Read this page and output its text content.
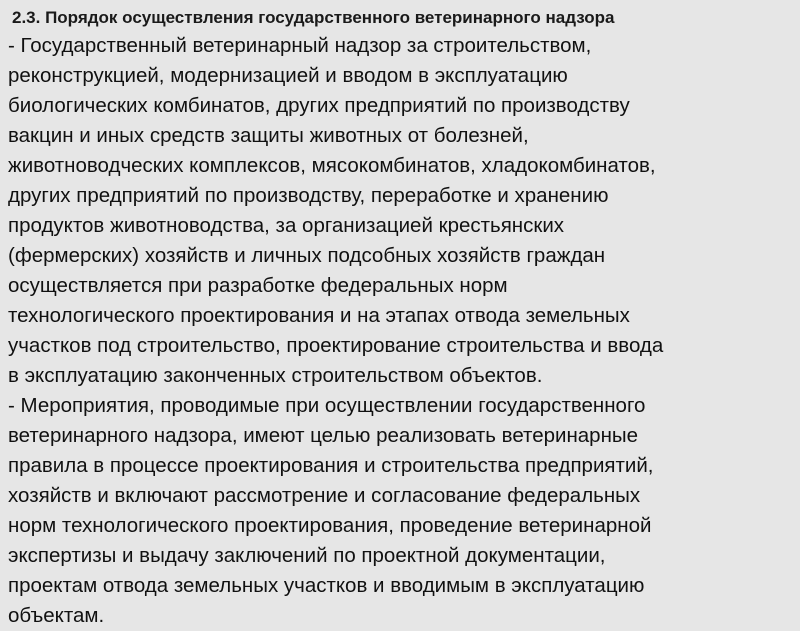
2.3. Порядок осуществления государственного ветеринарного надзора
- Государственный ветеринарный надзор за строительством,
реконструкцией, модернизацией и вводом в эксплуатацию
биологических комбинатов, других предприятий по производству
вакцин и иных средств защиты животных от болезней,
животноводческих комплексов, мясокомбинатов, хладокомбинатов,
других предприятий по производству, переработке и хранению
продуктов животноводства, за организацией крестьянских
(фермерских) хозяйств и личных подсобных хозяйств граждан
осуществляется при разработке федеральных норм
технологического проектирования и на этапах отвода земельных
участков под строительство, проектирование строительства и ввода
в эксплуатацию законченных строительством объектов.
- Мероприятия, проводимые при осуществлении государственного
ветеринарного надзора, имеют целью реализовать ветеринарные
правила в процессе проектирования и строительства предприятий,
хозяйств и включают рассмотрение и согласование федеральных
норм технологического проектирования, проведение ветеринарной
экспертизы и выдачу заключений по проектной документации,
проектам отвода земельных участков и вводимым в эксплуатацию
объектам.
